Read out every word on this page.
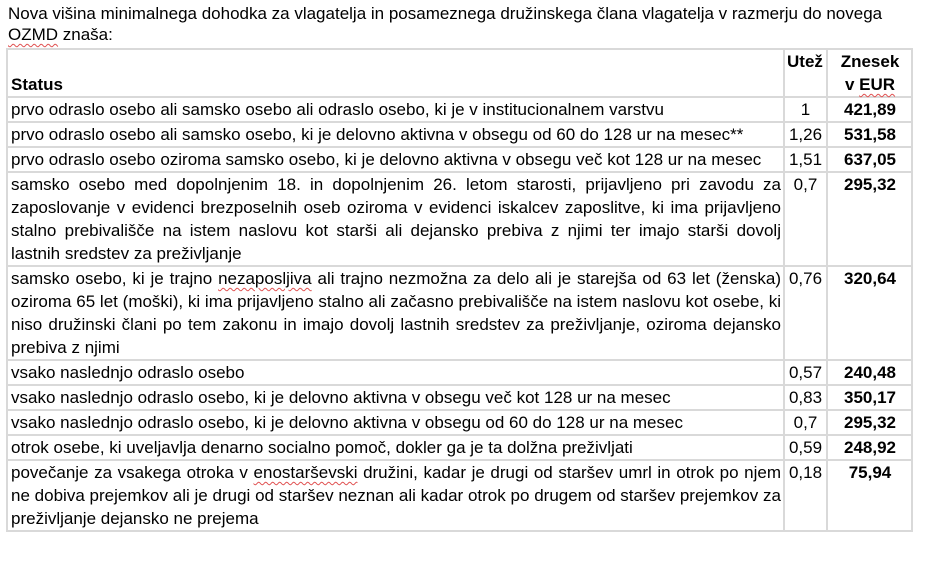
Nova višina minimalnega dohodka za vlagatelja in posameznega družinskega člana vlagatelja v razmerju do novega OZMD znaša:

Status	Utež	Znesek
v EUR
prvo odraslo osebo ali samsko osebo ali odraslo osebo, ki je v institucionalnem varstvu	1	421,89
prvo odraslo osebo ali samsko osebo, ki je delovno aktivna v obsegu od 60 do 128 ur na mesec**	1,26	531,58
prvo odraslo osebo oziroma samsko osebo, ki je delovno aktivna v obsegu več kot 128 ur na mesec	1,51	637,05
samsko osebo med dopolnjenim 18. in dopolnjenim 26. letom starosti, prijavljeno pri zavodu za zaposlovanje v evidenci brezposelnih oseb oziroma v evidenci iskalcev zaposlitve, ki ima prijavljeno stalno prebivališče na istem naslovu kot starši ali dejansko prebiva z njimi ter imajo starši dovolj lastnih sredstev za preživljanje	0,7	295,32
samsko osebo, ki je trajno nezaposljiva ali trajno nezmožna za delo ali je starejša od 63 let (ženska) oziroma 65 let (moški), ki ima prijavljeno stalno ali začasno prebivališče na istem naslovu kot osebe, ki niso družinski člani po tem zakonu in imajo dovolj lastnih sredstev za preživljanje, oziroma dejansko prebiva z njimi	0,76	320,64
vsako naslednjo odraslo osebo	0,57	240,48
vsako naslednjo odraslo osebo, ki je delovno aktivna v obsegu več kot 128 ur na mesec	0,83	350,17
vsako naslednjo odraslo osebo, ki je delovno aktivna v obsegu od 60 do 128 ur na mesec	0,7	295,32
otrok osebe, ki uveljavlja denarno socialno pomoč, dokler ga je ta dolžna preživljati	0,59	248,92
povečanje za vsakega otroka v enostarševski družini, kadar je drugi od staršev umrl in otrok po njem ne dobiva prejemkov ali je drugi od staršev neznan ali kadar otrok po drugem od staršev prejemkov za preživljanje dejansko ne prejema	0,18	75,94
